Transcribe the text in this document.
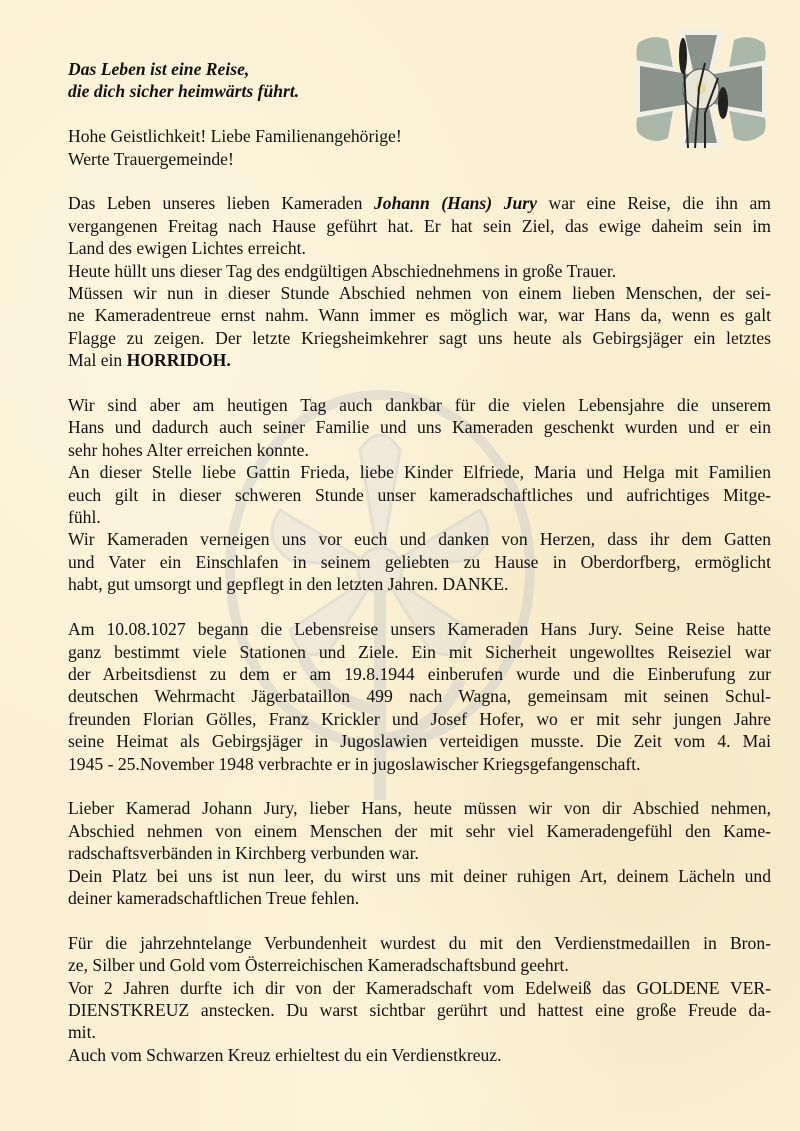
Das Leben ist eine Reise,
die dich sicher heimwärts führt.
Hohe Geistlichkeit! Liebe Familienangehörige!
Werte Trauergemeinde!
Das Leben unseres lieben Kameraden Johann (Hans) Jury war eine Reise, die ihn am
vergangenen Freitag nach Hause geführt hat. Er hat sein Ziel, das ewige daheim sein im
Land des ewigen Lichtes erreicht.
Heute hüllt uns dieser Tag des endgültigen Abschiednehmens in große Trauer.
Müssen wir nun in dieser Stunde Abschied nehmen von einem lieben Menschen, der sei-
ne Kameradentreue ernst nahm. Wann immer es möglich war, war Hans da, wenn es galt
Flagge zu zeigen. Der letzte Kriegsheimkehrer sagt uns heute als Gebirgsjäger ein letztes
Mal ein HORRIDOH.
Wir sind aber am heutigen Tag auch dankbar für die vielen Lebensjahre die unserem
Hans und dadurch auch seiner Familie und uns Kameraden geschenkt wurden und er ein
sehr hohes Alter erreichen konnte.
An dieser Stelle liebe Gattin Frieda, liebe Kinder Elfriede, Maria und Helga mit Familien
euch gilt in dieser schweren Stunde unser kameradschaftliches und aufrichtiges Mitge-
fühl.
Wir Kameraden verneigen uns vor euch und danken von Herzen, dass ihr dem Gatten
und Vater ein Einschlafen in seinem geliebten zu Hause in Oberdorfberg, ermöglicht
habt, gut umsorgt und gepflegt in den letzten Jahren. DANKE.
Am 10.08.1027 begann die Lebensreise unsers Kameraden Hans Jury. Seine Reise hatte
ganz bestimmt viele Stationen und Ziele. Ein mit Sicherheit ungewolltes Reiseziel war
der Arbeitsdienst zu dem er am 19.8.1944 einberufen wurde und die Einberufung zur
deutschen Wehrmacht Jägerbataillon 499 nach Wagna, gemeinsam mit seinen Schul-
freunden Florian Gölles, Franz Krickler und Josef Hofer, wo er mit sehr jungen Jahre
seine Heimat als Gebirgsjäger in Jugoslawien verteidigen musste. Die Zeit vom 4. Mai
1945 - 25.November 1948 verbrachte er in jugoslawischer Kriegsgefangenschaft.
Lieber Kamerad Johann Jury, lieber Hans, heute müssen wir von dir Abschied nehmen,
Abschied nehmen von einem Menschen der mit sehr viel Kameradengefühl den Kame-
radschaftsverbänden in Kirchberg verbunden war.
Dein Platz bei uns ist nun leer, du wirst uns mit deiner ruhigen Art, deinem Lächeln und
deiner kameradschaftlichen Treue fehlen.
Für die jahrzehntelange Verbundenheit wurdest du mit den Verdienstmedaillen in Bron-
ze, Silber und Gold vom Österreichischen Kameradschaftsbund geehrt.
Vor 2 Jahren durfte ich dir von der Kameradschaft vom Edelweiß das GOLDENE VER-
DIENSTKREUZ anstecken. Du warst sichtbar gerührt und hattest eine große Freude da-
mit.
Auch vom Schwarzen Kreuz erhieltest du ein Verdienstkreuz.
